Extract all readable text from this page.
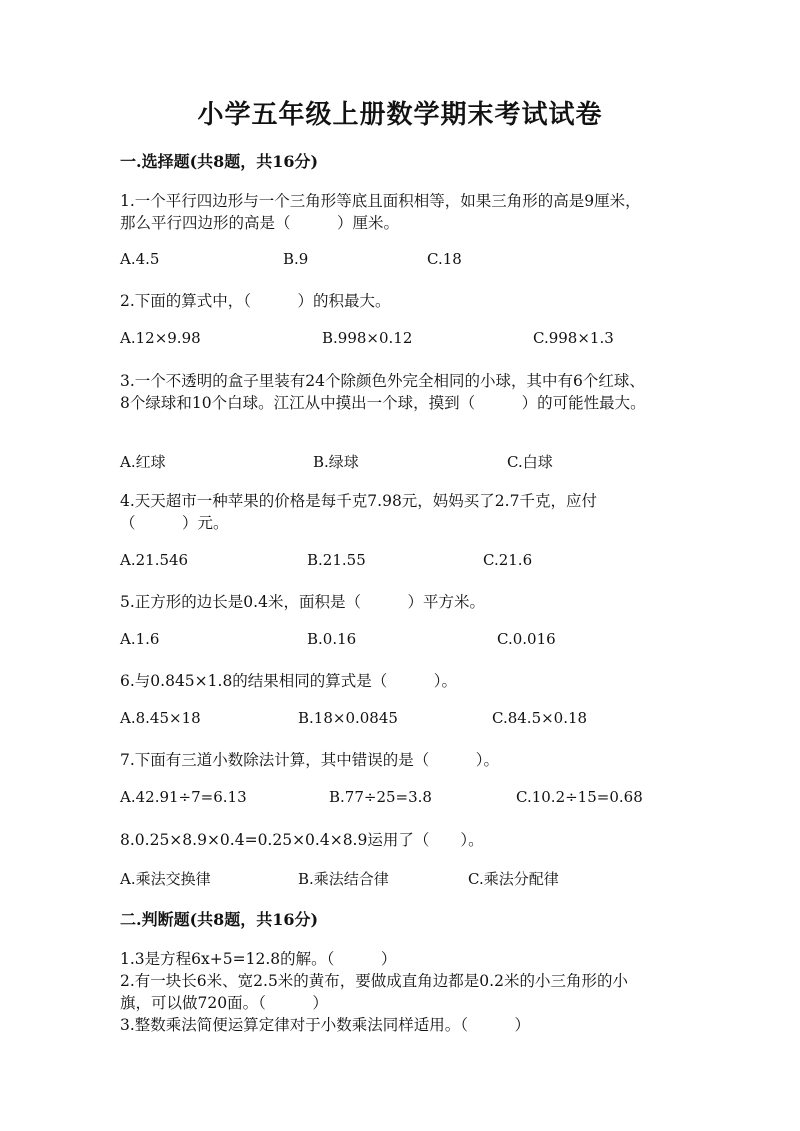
小学五年级上册数学期末考试试卷
一.选择题(共8题，共16分)
1.一个平行四边形与一个三角形等底且面积相等，如果三角形的高是9厘米，
那么平行四边形的高是（　　　）厘米。
A.4.5	B.9	C.18
2.下面的算式中，（　　　）的积最大。
A.12×9.98	B.998×0.12	C.998×1.3
3.一个不透明的盒子里装有24个除颜色外完全相同的小球，其中有6个红球、
8个绿球和10个白球。江江从中摸出一个球，摸到（　　　）的可能性最大。
A.红球	B.绿球	C.白球
4.天天超市一种苹果的价格是每千克7.98元，妈妈买了2.7千克，应付
（　　　）元。
A.21.546	B.21.55	C.21.6
5.正方形的边长是0.4米，面积是（　　　）平方米。
A.1.6	B.0.16	C.0.016
6.与0.845×1.8的结果相同的算式是（　　　）。
A.8.45×18	B.18×0.0845	C.84.5×0.18
7.下面有三道小数除法计算，其中错误的是（　　　）。
A.42.91÷7=6.13	B.77÷25=3.8	C.10.2÷15=0.68
8.0.25×8.9×0.4=0.25×0.4×8.9运用了（　　）。
A.乘法交换律	B.乘法结合律	C.乘法分配律
二.判断题(共8题，共16分)
1.3是方程6x+5=12.8的解。（　　　）
2.有一块长6米、宽2.5米的黄布，要做成直角边都是0.2米的小三角形的小
旗，可以做720面。（　　　）
3.整数乘法简便运算定律对于小数乘法同样适用。（　　　）
